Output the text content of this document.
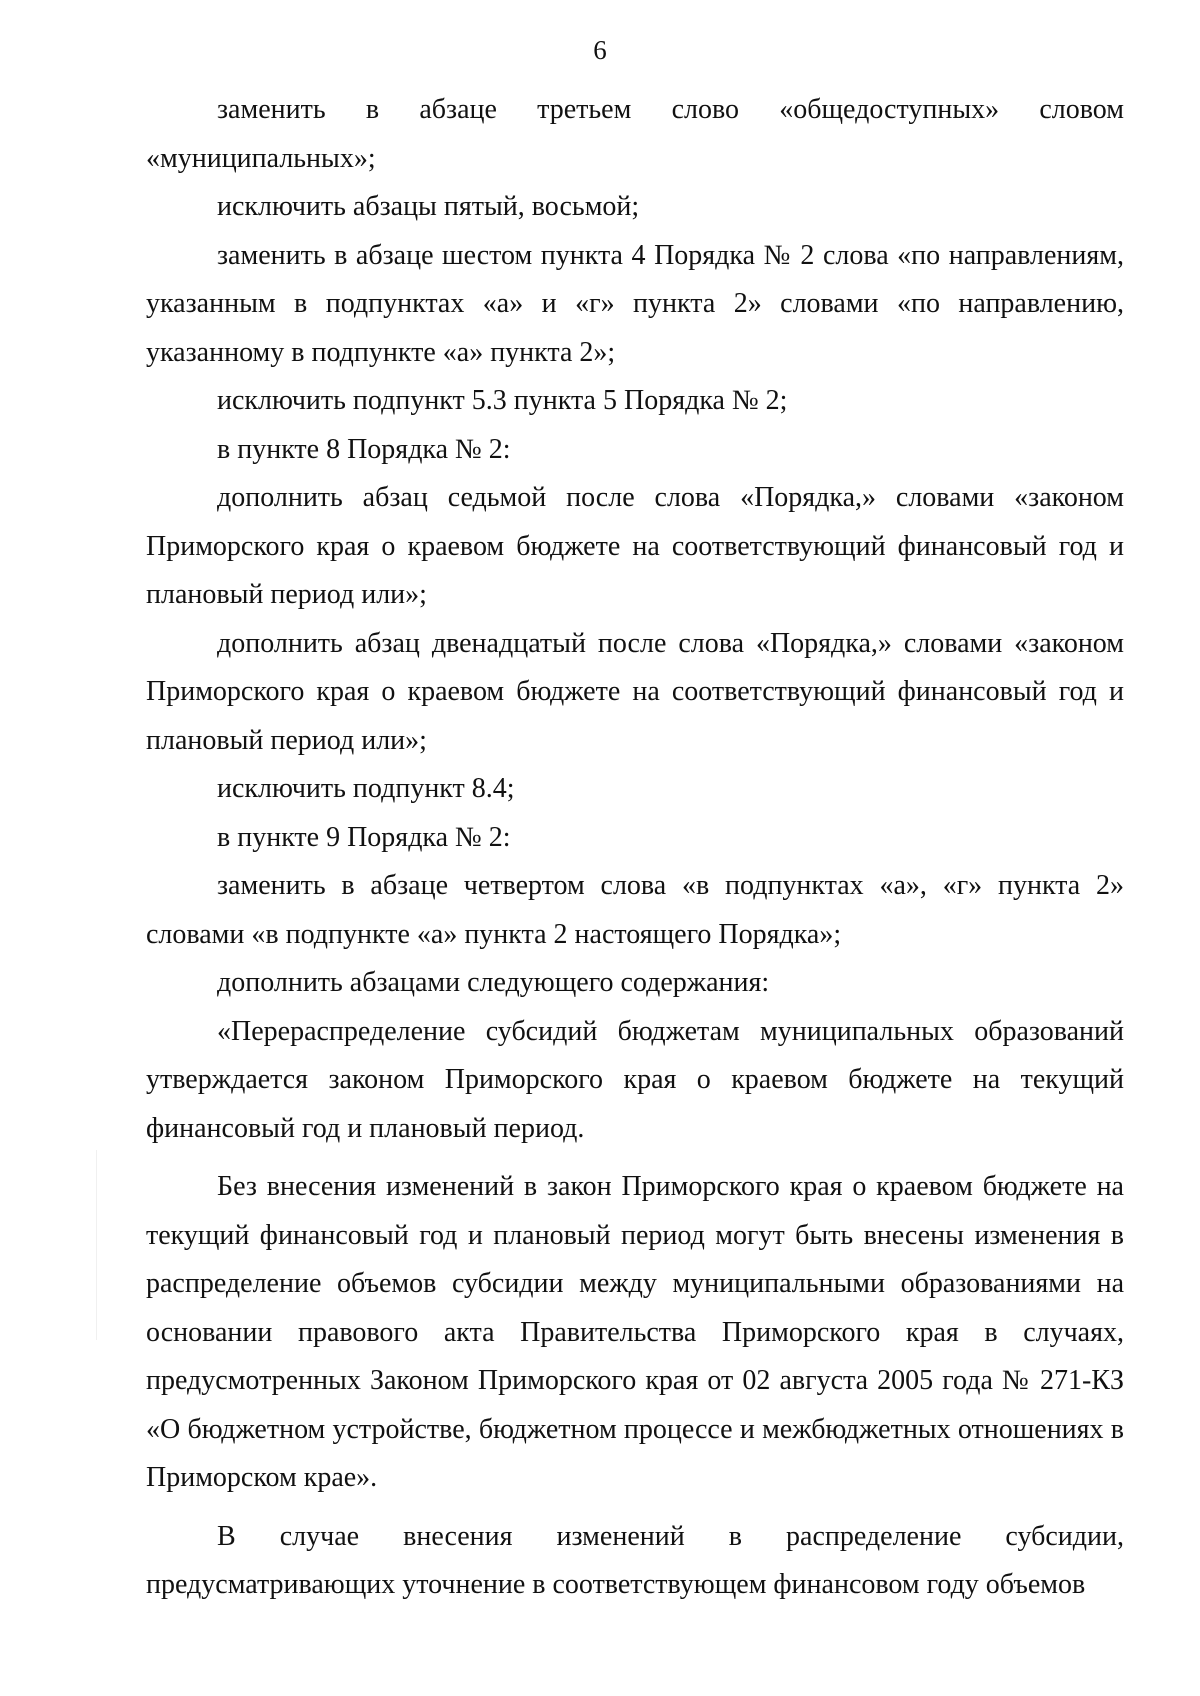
6

заменить в абзаце третьем слово «общедоступных» словом «муниципальных»;

исключить абзацы пятый, восьмой;

заменить в абзаце шестом пункта 4 Порядка № 2 слова «по направлениям, указанным в подпунктах «а» и «г» пункта 2» словами «по направлению, указанному в подпункте «а» пункта 2»;

исключить подпункт 5.3 пункта 5 Порядка № 2;

в пункте 8 Порядка № 2:

дополнить абзац седьмой после слова «Порядка,» словами «законом Приморского края о краевом бюджете на соответствующий финансовый год и плановый период или»;

дополнить абзац двенадцатый после слова «Порядка,» словами «законом Приморского края о краевом бюджете на соответствующий финансовый год и плановый период или»;

исключить подпункт 8.4;

в пункте 9 Порядка № 2:

заменить в абзаце четвертом слова «в подпунктах «а», «г» пункта 2» словами «в подпункте «а» пункта 2 настоящего Порядка»;

дополнить абзацами следующего содержания:

«Перераспределение субсидий бюджетам муниципальных образований утверждается законом Приморского края о краевом бюджете на текущий финансовый год и плановый период.

Без внесения изменений в закон Приморского края о краевом бюджете на текущий финансовый год и плановый период могут быть внесены изменения в распределение объемов субсидии между муниципальными образованиями на основании правового акта Правительства Приморского края в случаях, предусмотренных Законом Приморского края от 02 августа 2005 года № 271-КЗ «О бюджетном устройстве, бюджетном процессе и межбюджетных отношениях в Приморском крае».

В случае внесения изменений в распределение субсидии, предусматривающих уточнение в соответствующем финансовом году объемов
